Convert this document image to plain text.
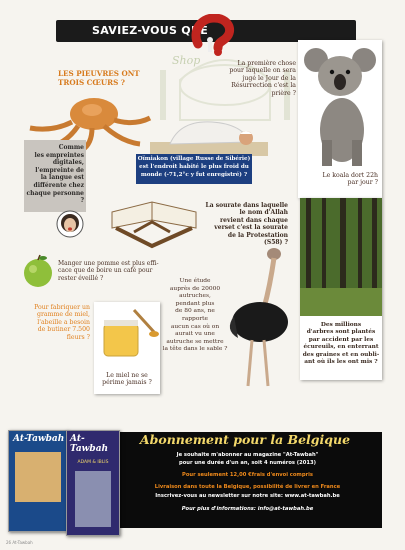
SAVIEZ-VOUS QUE
Shop
LES PIEUVRES ONT
TROIS CŒURS ?
La première chose
pour laquelle on sera
jugé le Jour de la
Résurrection c'est la
prière ?
Le koala dort 22h
par jour ?
Comme
les empreintes
digitales,
l'empreinte de
la langue est
différente chez
chaque personne ?
Oïmiakon (village Russe de Sibérie)
est l'endroit habité le plus froid du
monde (-71,2°c y fut enregistré) ?
La sourate dans laquelle
le nom d'Allah
revient dans chaque
verset c'est la sourate
de la Protestation
(S58) ?
Des millions
d'arbres sont plantés
par accident par les
écureuils, en enterrant
des graines et en oubli-
ant où ils les ont mis ?
Manger une pomme est plus effi-
cace que de boire un café pour
rester éveillé ?
Pour fabriquer un
gramme de miel,
l'abeille a besoin
de butiner 7.500
fleurs ?
Le miel ne se
périme jamais ?
Une étude
auprès de 20000
autruches,
pendant plus
de 80 ans, ne
rapporte
aucun cas où on
aurait vu une
autruche se mettre
la tête dans le sable ?
At-Tawbah At-Tawbah
ADAM & IBLIS
Abonnement pour la Belgique
Je souhaite m'abonner au magazine "At-Tawbah"
pour une durée d'un an, soit 4 numéros (2013)
Pour seulement 12,00 €frais d'envoi compris
Livraison dans toute la Belgique, possibilité de livrer en France
Inscrivez-vous au newsletter sur notre site: www.at-tawbah.be
Pour plus d'informations: info@at-tawbah.be
26 At-Tawbah
